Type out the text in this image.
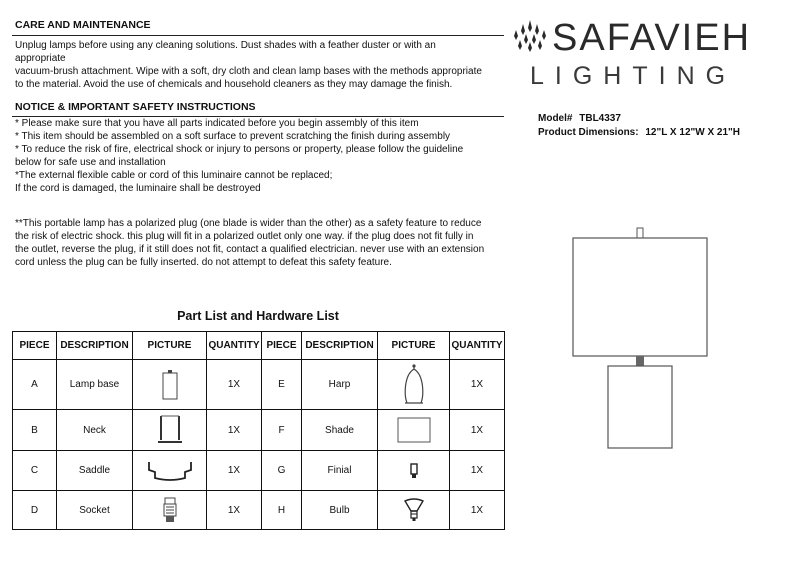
CARE AND MAINTENANCE
Unplug lamps before using any cleaning solutions. Dust shades with a feather duster or with an
appropriate
vacuum-brush attachment. Wipe with a soft, dry cloth and clean lamp bases with the methods appropriate
to the material. Avoid the use of chemicals and household cleaners as they may damage the finish.
NOTICE & IMPORTANT SAFETY INSTRUCTIONS
* Please make sure that you have all parts indicated before you begin assembly of this item
* This item should be assembled on a soft surface to prevent scratching the finish during assembly
* To reduce the risk of fire, electrical shock or injury to persons or property, please follow the guideline
below for safe use and installation
*The external flexible cable or cord of this luminaire cannot be replaced;
If the cord is damaged, the luminaire shall be destroyed
**This portable lamp has a polarized plug (one blade is wider than the other) as a safety feature to reduce
the risk of electric shock. this plug will fit in a polarized outlet only one way. if the plug does not fit fully in
the outlet, reverse the plug, if it still does not fit, contact a qualified electrician. never use with an extension
cord unless the plug can be fully inserted. do not attempt to defeat this safety feature.
SAFAVIEH
LIGHTING
Model# TBL4337
Product Dimensions: 12"L X 12"W X 21"H
Part List and Hardware List
PIECE	DESCRIPTION	PICTURE	QUANTITY	PIECE	DESCRIPTION	PICTURE	QUANTITY
A	Lamp base		1X	E	Harp		1X
B	Neck		1X	F	Shade		1X
C	Saddle		1X	G	Finial		1X
D	Socket		1X	H	Bulb		1X
